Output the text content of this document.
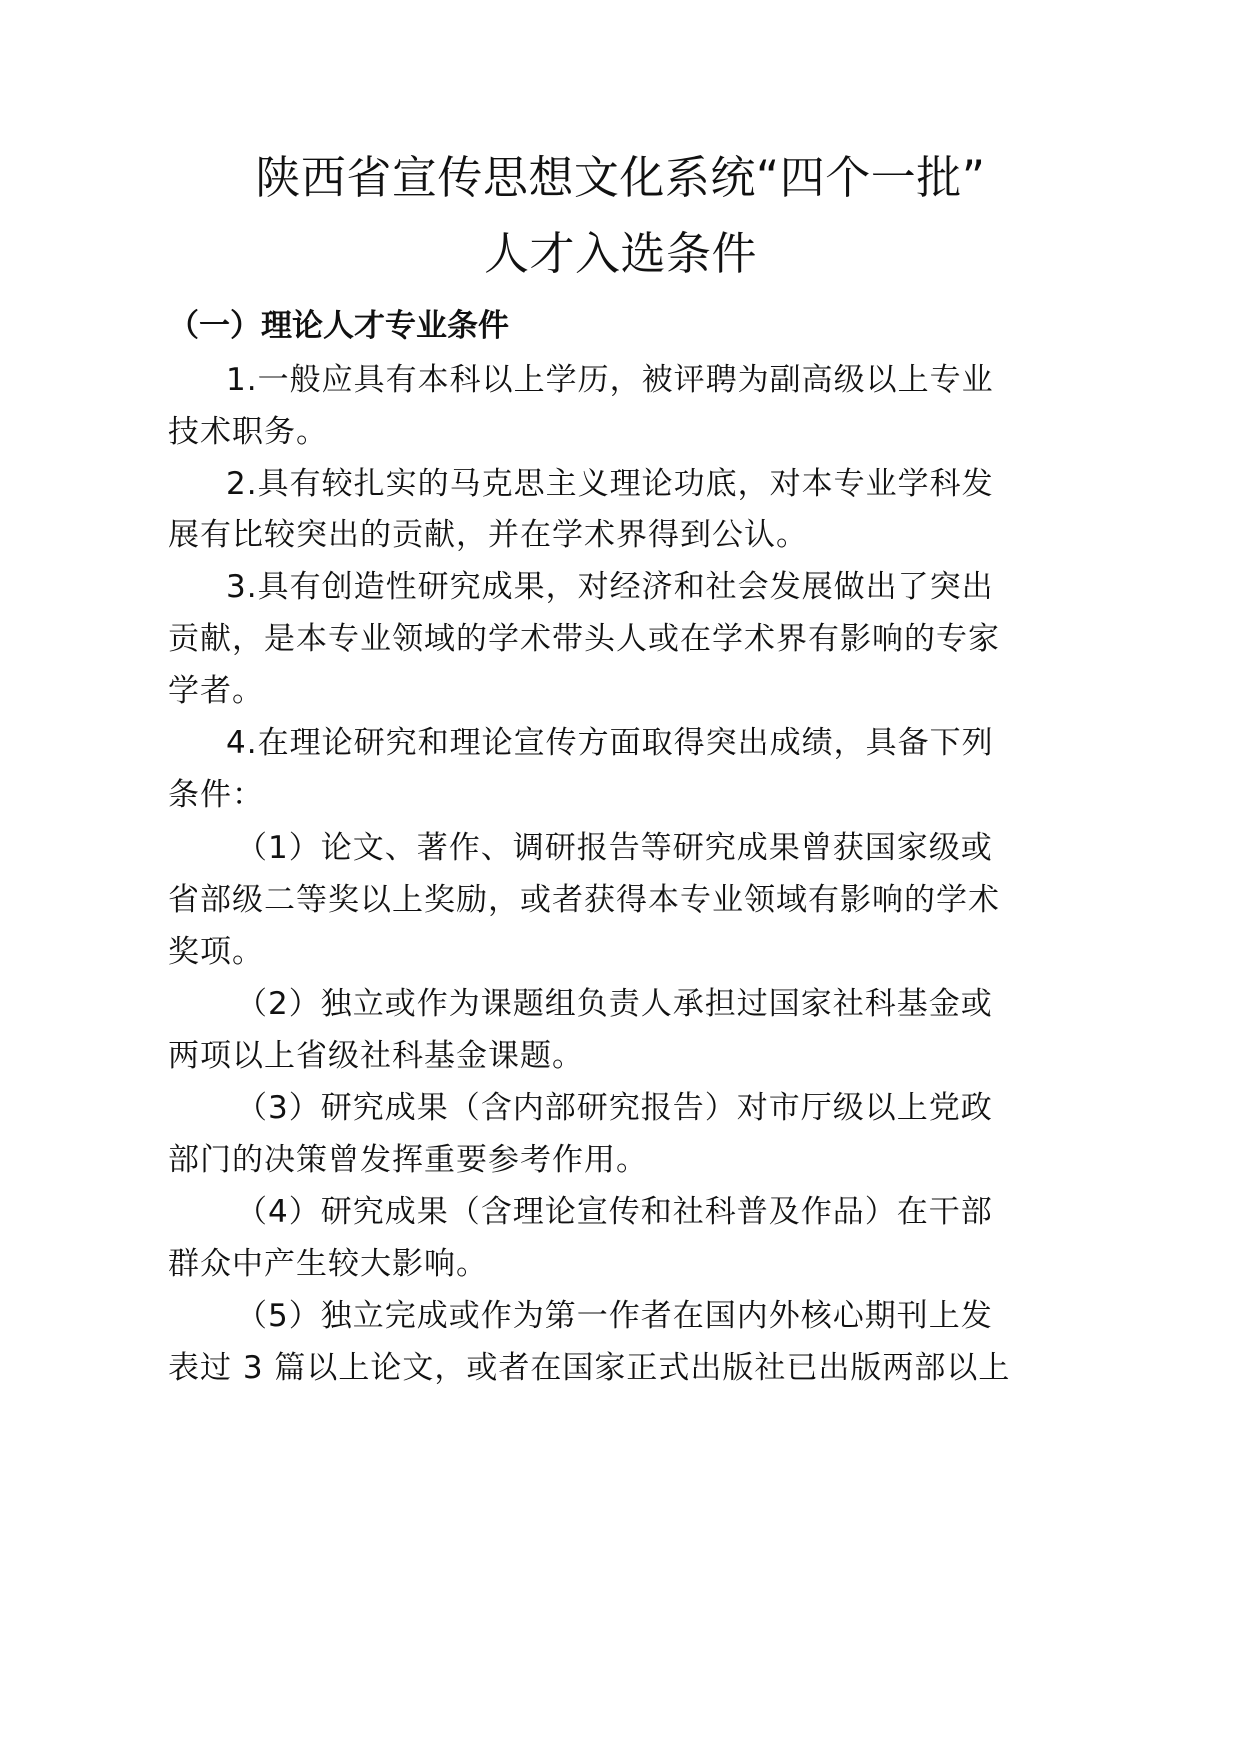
陕西省宣传思想文化系统“四个一批”
人才入选条件
（一）理论人才专业条件
1.一般应具有本科以上学历，被评聘为副高级以上专业
技术职务。
2.具有较扎实的马克思主义理论功底，对本专业学科发
展有比较突出的贡献，并在学术界得到公认。
3.具有创造性研究成果，对经济和社会发展做出了突出
贡献，是本专业领域的学术带头人或在学术界有影响的专家
学者。
4.在理论研究和理论宣传方面取得突出成绩，具备下列
条件：
（1）论文、著作、调研报告等研究成果曾获国家级或
省部级二等奖以上奖励，或者获得本专业领域有影响的学术
奖项。
（2）独立或作为课题组负责人承担过国家社科基金或
两项以上省级社科基金课题。
（3）研究成果（含内部研究报告）对市厅级以上党政
部门的决策曾发挥重要参考作用。
（4）研究成果（含理论宣传和社科普及作品）在干部
群众中产生较大影响。
（5）独立完成或作为第一作者在国内外核心期刊上发
表过 3 篇以上论文，或者在国家正式出版社已出版两部以上
